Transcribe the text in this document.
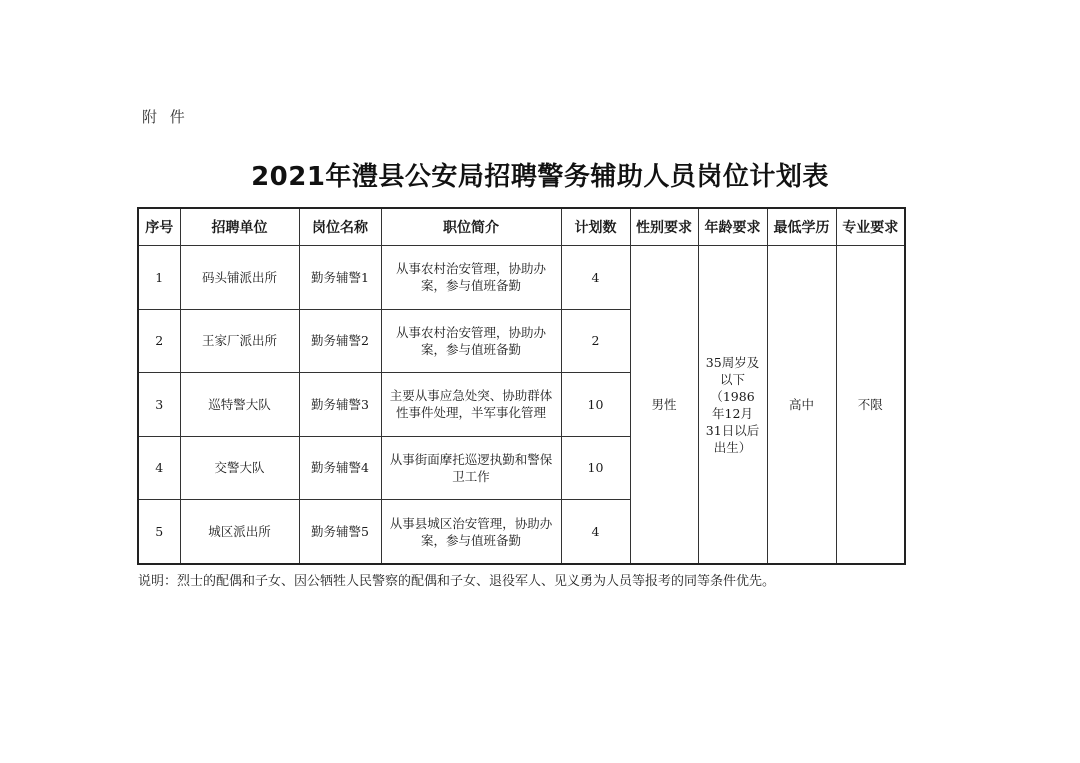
附 件
2021年澧县公安局招聘警务辅助人员岗位计划表
序号	招聘单位	岗位名称	职位简介	计划数	性别要求	年龄要求	最低学历	专业要求
1	码头铺派出所	勤务辅警1	从事农村治安管理，协助办案，参与值班备勤	4	男性	35周岁及以下（1986年12月31日以后出生）	高中	不限
2	王家厂派出所	勤务辅警2	从事农村治安管理，协助办案，参与值班备勤	2				
3	巡特警大队	勤务辅警3	主要从事应急处突、协助群体性事件处理，半军事化管理	10				
4	交警大队	勤务辅警4	从事街面摩托巡逻执勤和警保卫工作	10				
5	城区派出所	勤务辅警5	从事县城区治安管理，协助办案，参与值班备勤	4				
说明：烈士的配偶和子女、因公牺牲人民警察的配偶和子女、退役军人、见义勇为人员等报考的同等条件优先。
